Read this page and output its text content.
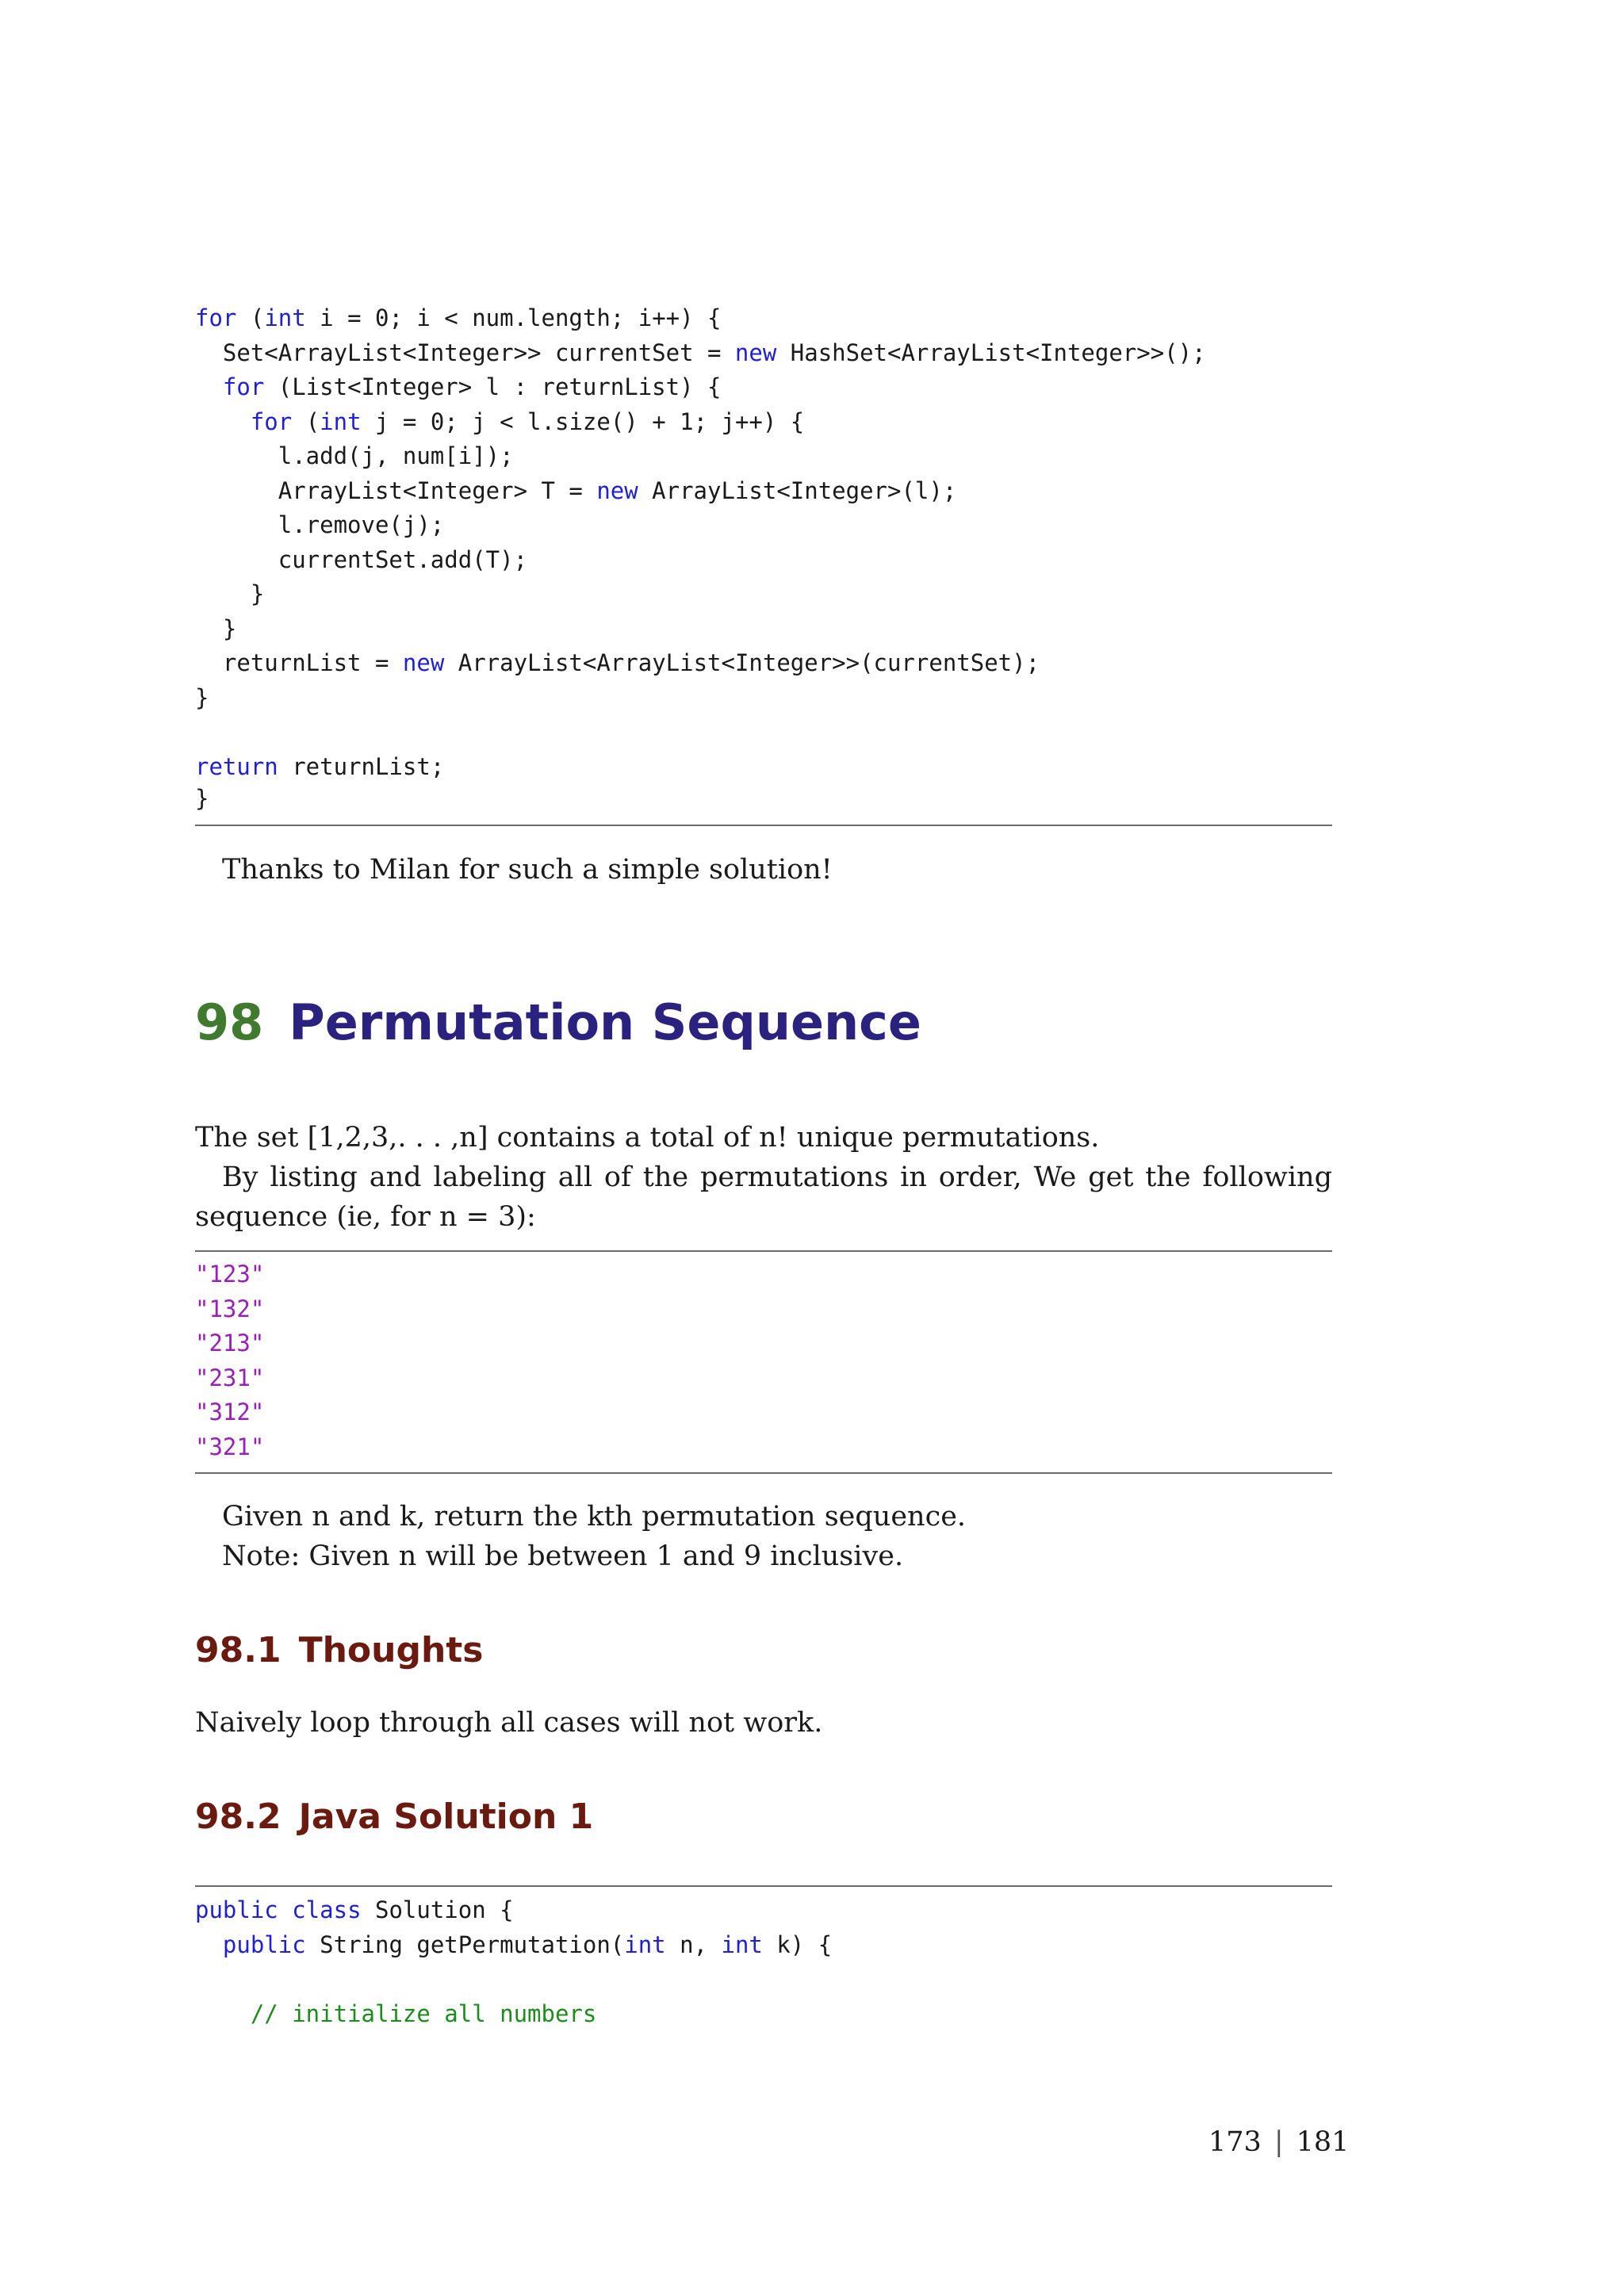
for (int i = 0; i < num.length; i++) {
Set<ArrayList<Integer>> currentSet = new HashSet<ArrayList<Integer>>();
for (List<Integer> l : returnList) {
for (int j = 0; j < l.size() + 1; j++) {
l.add(j, num[i]);
ArrayList<Integer> T = new ArrayList<Integer>(l);
l.remove(j);
currentSet.add(T);
}
}
returnList = new ArrayList<ArrayList<Integer>>(currentSet);
}

return returnList;
}

Thanks to Milan for such a simple solution!

98 Permutation Sequence

The set [1,2,3,. . . ,n] contains a total of n! unique permutations.

By listing and labeling all of the permutations in order, We get the following sequence (ie, for n = 3):

"123"
"132"
"213"
"231"
"312"
"321"

Given n and k, return the kth permutation sequence.

Note: Given n will be between 1 and 9 inclusive.

98.1 Thoughts

Naively loop through all cases will not work.

98.2 Java Solution 1
public class Solution {
public String getPermutation(int n, int k) {

// initialize all numbers
173 | 181
